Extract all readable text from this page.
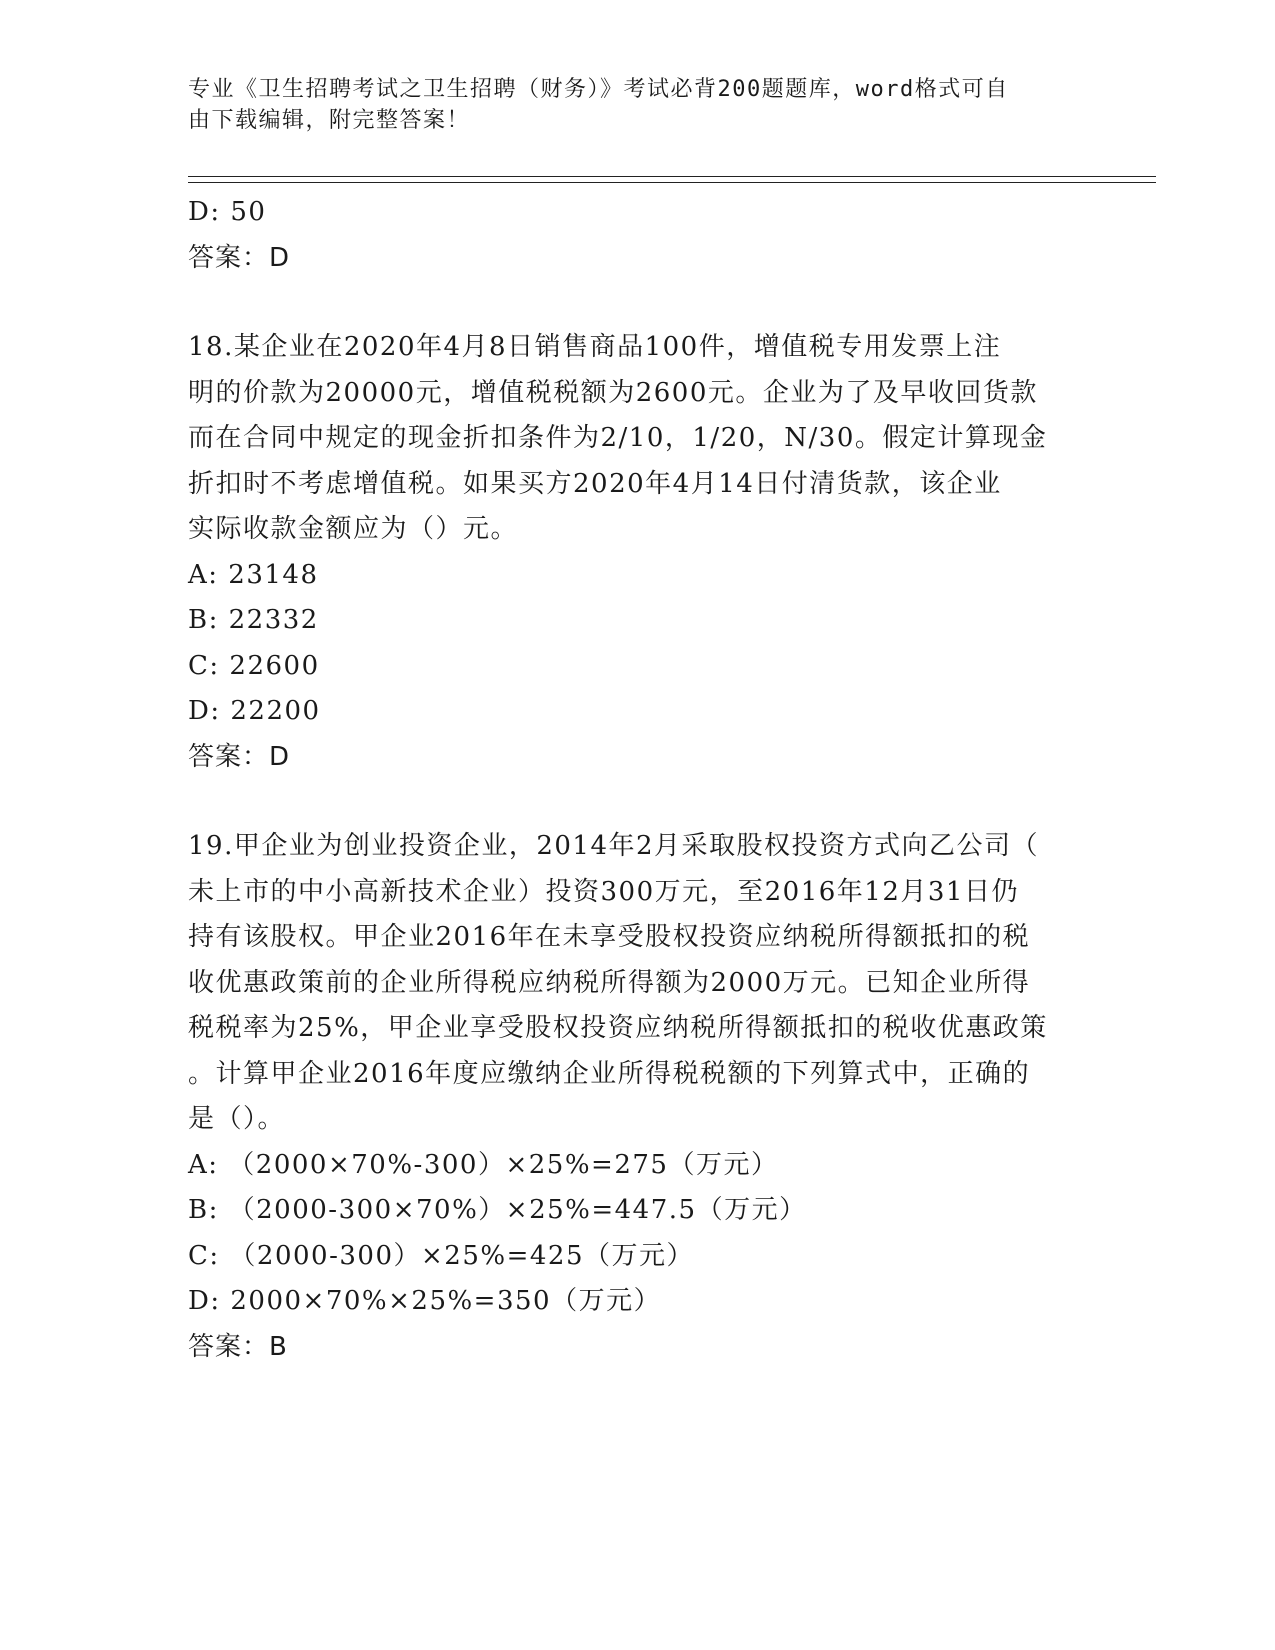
专业《卫生招聘考试之卫生招聘（财务）》考试必背200题题库，word格式可自
由下载编辑，附完整答案！
D: 50
答案：D
18.某企业在2020年4月8日销售商品100件，增值税专用发票上注
明的价款为20000元，增值税税额为2600元。企业为了及早收回货款
而在合同中规定的现金折扣条件为2/10，1/20，N/30。假定计算现金
折扣时不考虑增值税。如果买方2020年4月14日付清货款，该企业
实际收款金额应为（）元。
A: 23148
B: 22332
C: 22600
D: 22200
答案：D
19.甲企业为创业投资企业，2014年2月采取股权投资方式向乙公司（
未上市的中小高新技术企业）投资300万元，至2016年12月31日仍
持有该股权。甲企业2016年在未享受股权投资应纳税所得额抵扣的税
收优惠政策前的企业所得税应纳税所得额为2000万元。已知企业所得
税税率为25%，甲企业享受股权投资应纳税所得额抵扣的税收优惠政策
。计算甲企业2016年度应缴纳企业所得税税额的下列算式中，正确的
是（）。
A: （2000×70%-300）×25%=275（万元）
B: （2000-300×70%）×25%=447.5（万元）
C: （2000-300）×25%=425（万元）
D: 2000×70%×25%=350（万元）
答案：B
